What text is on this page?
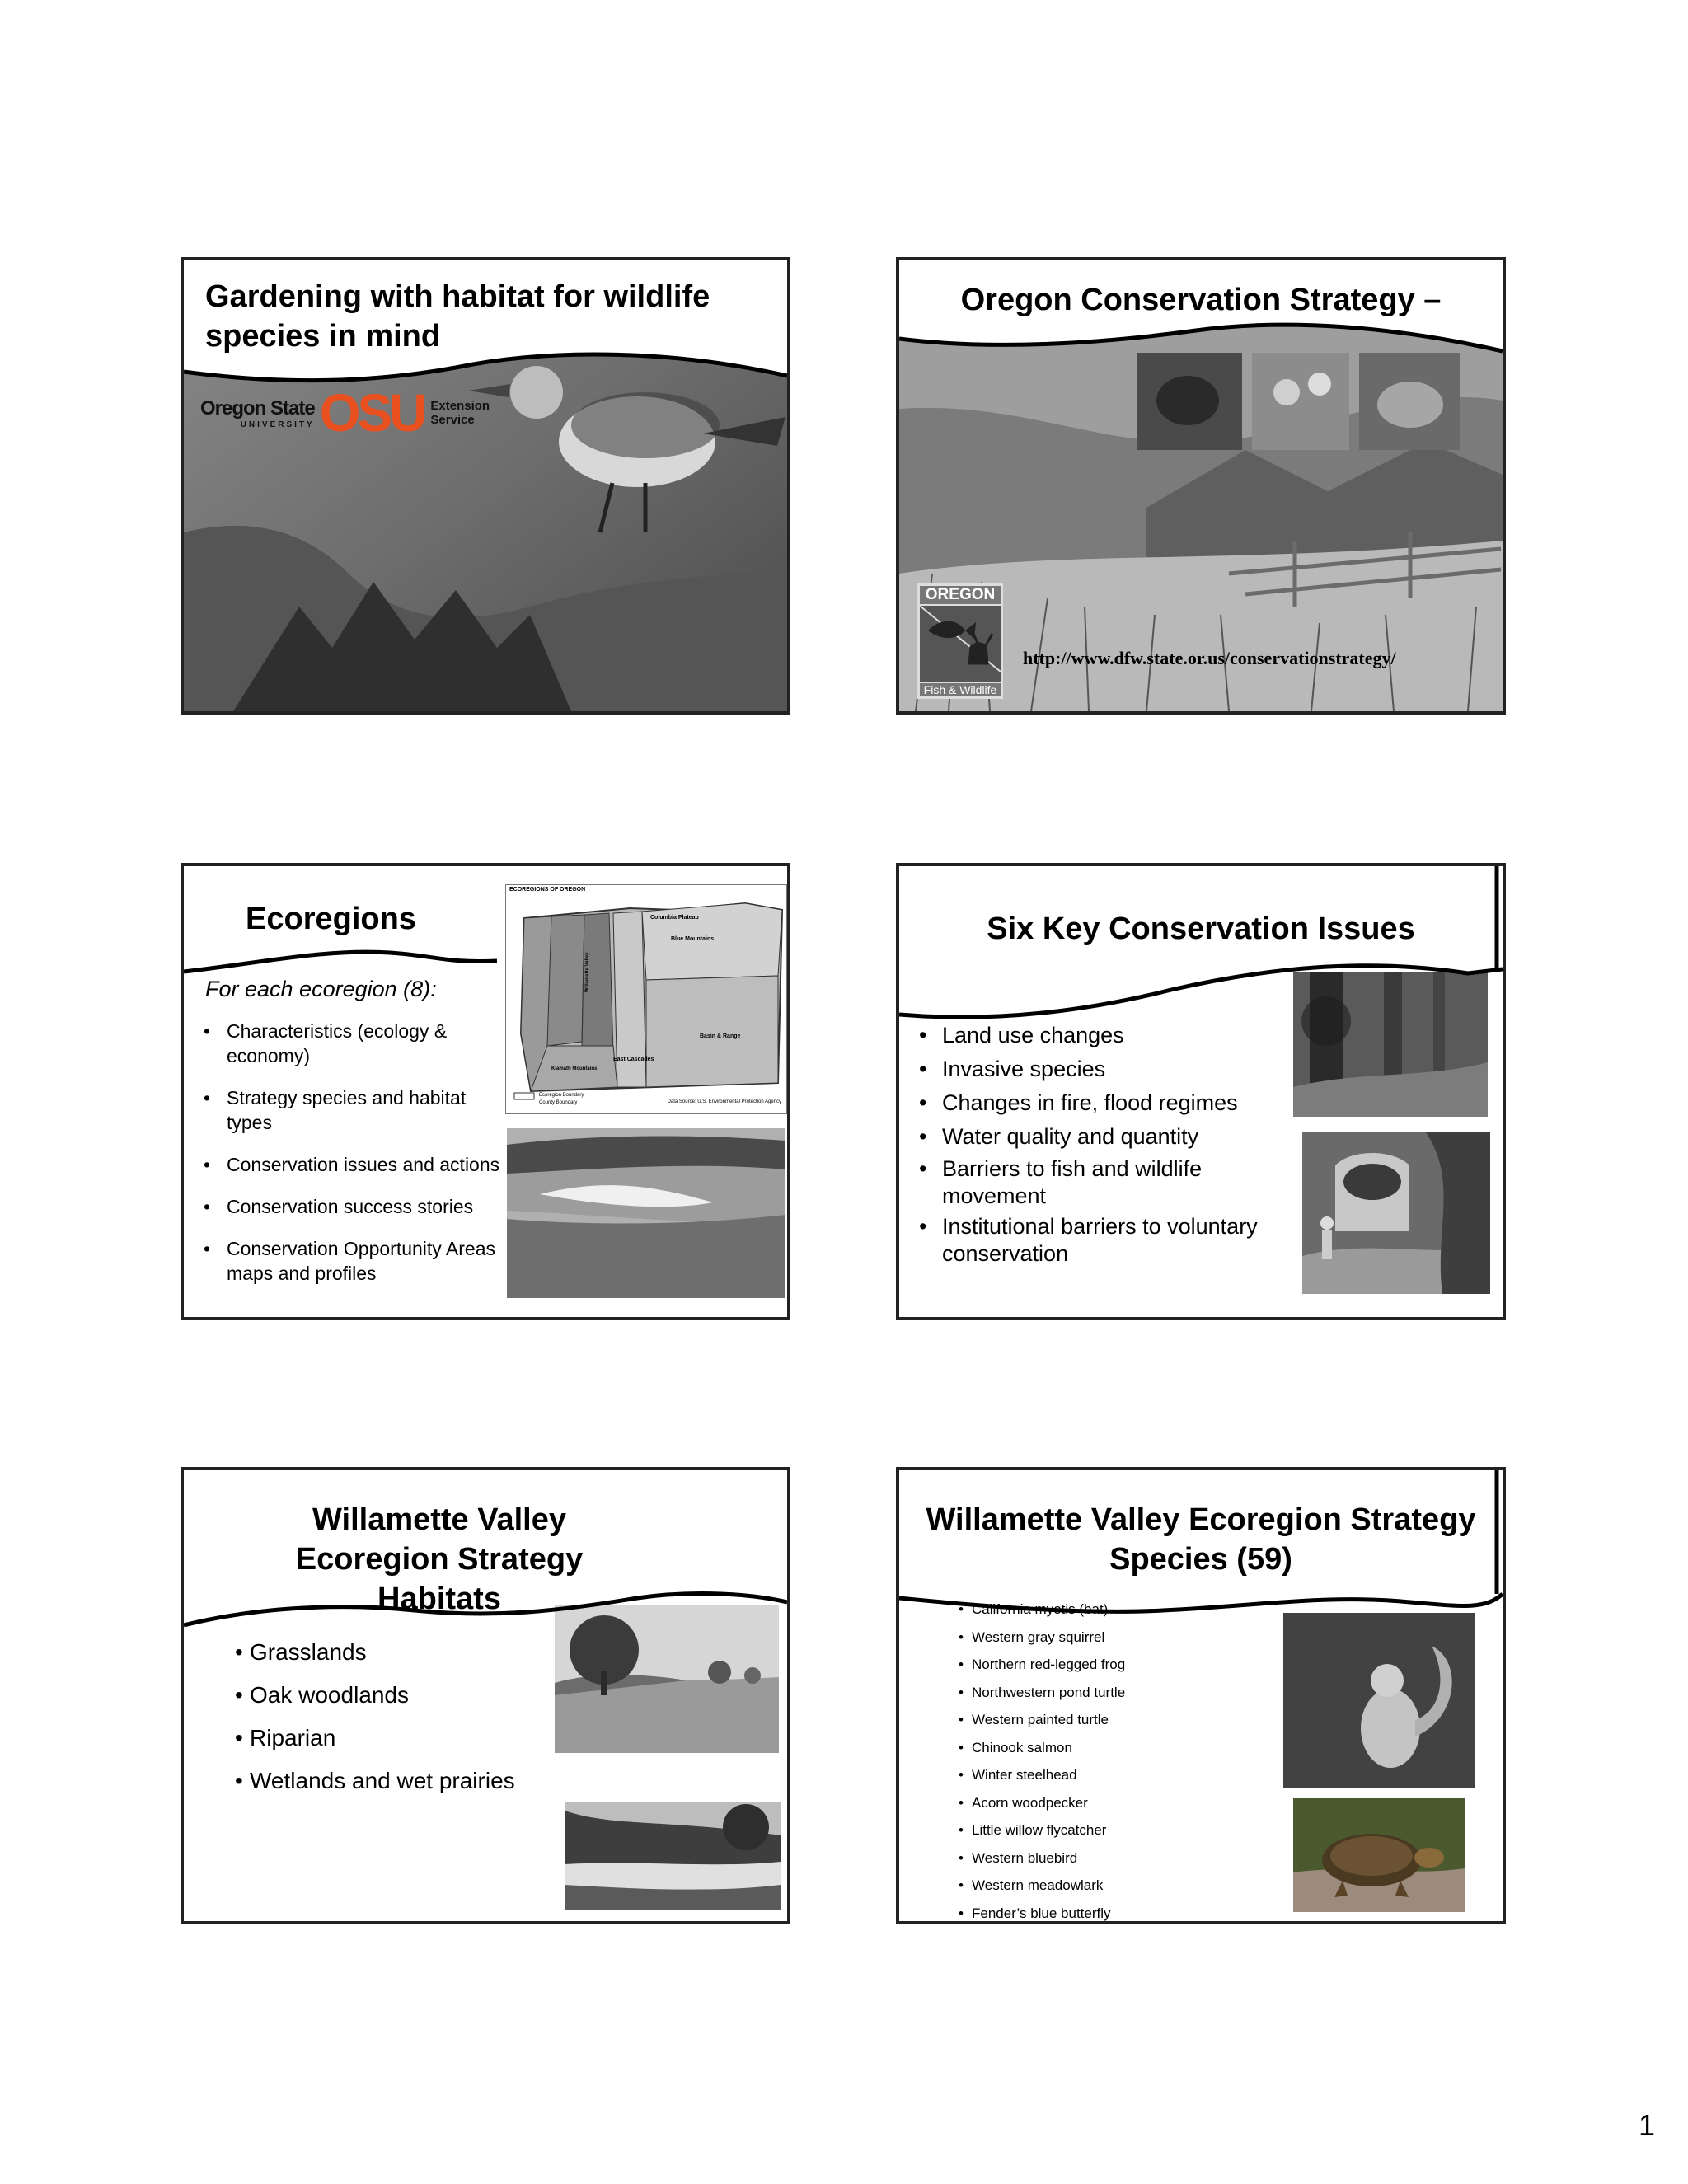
Gardening with habitat for wildlife species in mind
Oregon State
UNIVERSITY OSU Extension
Service
Oregon Conservation Strategy –
OREGON
Fish & Wildlife
http://www.dfw.state.or.us/conservationstrategy/
Ecoregions
For each ecoregion (8):
• Characteristics (ecology & economy)
• Strategy species and habitat types
• Conservation issues and actions
• Conservation success stories
• Conservation Opportunity Areas maps and profiles
ECOREGIONS OF OREGON
Blue Mountains
East Cascades
Basin & Range
Columbia Plateau
Klamath Mountains
Willamette Valley
Ecoregion Boundary
County Boundary	Data Source: U.S. Environmental Protection Agency
Six Key Conservation Issues
• Land use changes
• Invasive species
• Changes in fire, flood regimes
• Water quality and quantity
• Barriers to fish and wildlife movement
• Institutional barriers to voluntary conservation
Willamette Valley Ecoregion Strategy Habitats
• Grasslands
• Oak woodlands
• Riparian
• Wetlands and wet prairies
Willamette Valley Ecoregion Strategy Species (59)
• California myotis (bat)
• Western gray squirrel
• Northern red-legged frog
• Northwestern pond turtle
• Western painted turtle
• Chinook salmon
• Winter steelhead
• Acorn woodpecker
• Little willow flycatcher
• Western bluebird
• Western meadowlark
• Fender’s blue butterfly
1
